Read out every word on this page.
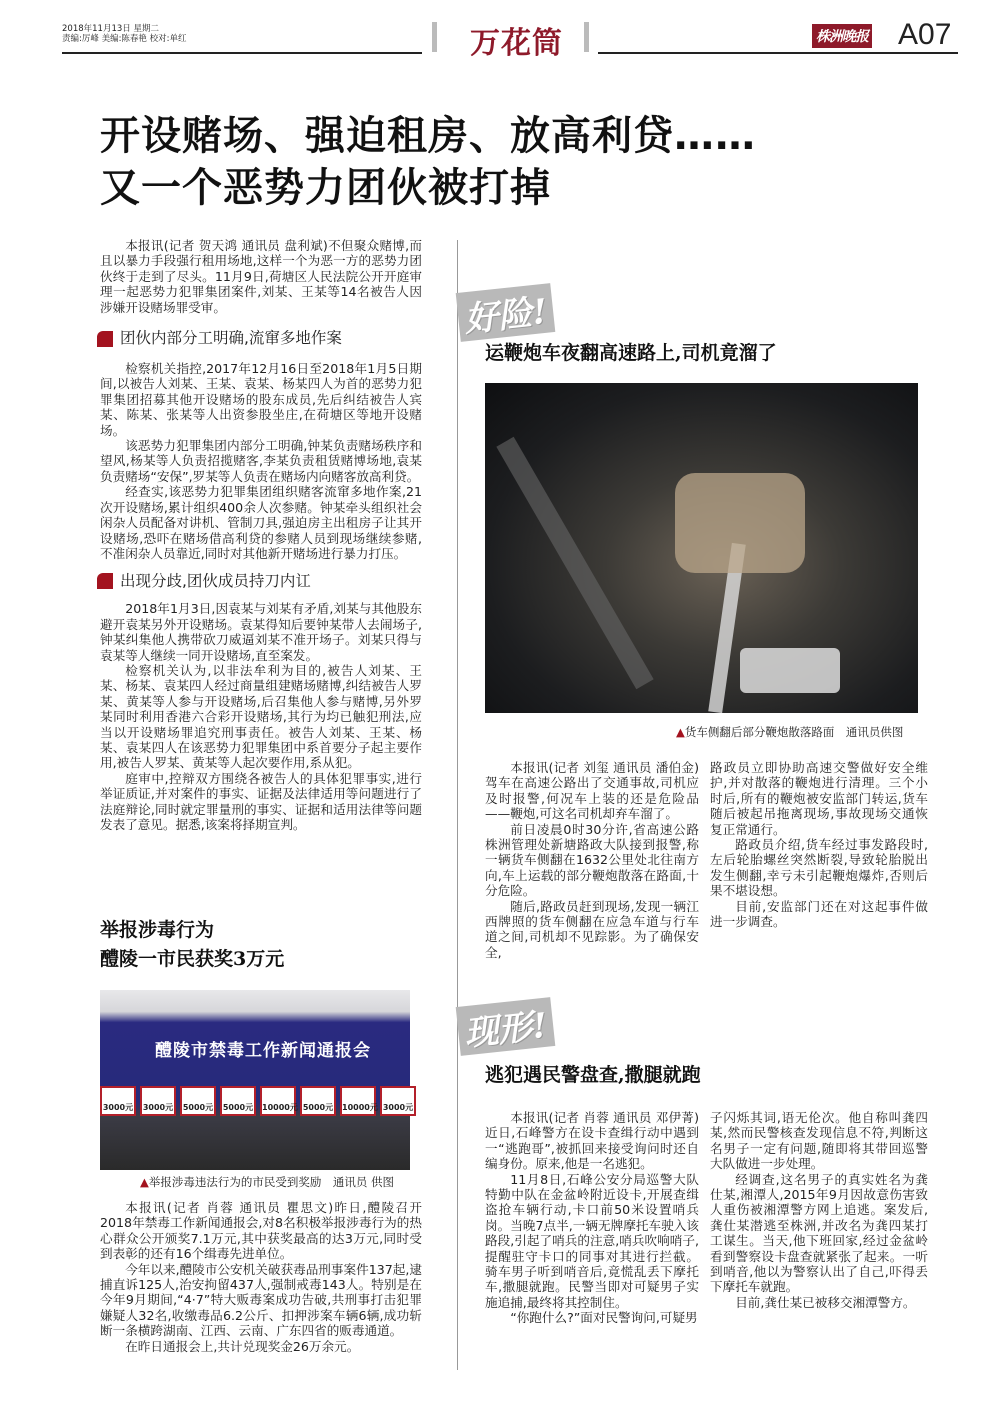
2018年11月13日 星期二
责编:厉峰 美编:陈春艳 校对:单红	万花筒	株洲晚报 A07
开设赌场、强迫租房、放高利贷……
又一个恶势力团伙被打掉

本报讯(记者 贺天鸿 通讯员 盘利斌)不但聚众赌博,而且以暴力手段强行租用场地,这样一个为恶一方的恶势力团伙终于走到了尽头。11月9日,荷塘区人民法院公开开庭审理一起恶势力犯罪集团案件,刘某、王某等14名被告人因涉嫌开设赌场罪受审。

团伙内部分工明确,流窜多地作案

检察机关指控,2017年12月16日至2018年1月5日期间,以被告人刘某、王某、袁某、杨某四人为首的恶势力犯罪集团招募其他开设赌场的股东成员,先后纠结被告人宾某、陈某、张某等人出资参股坐庄,在荷塘区等地开设赌场。

该恶势力犯罪集团内部分工明确,钟某负责赌场秩序和望风,杨某等人负责招揽赌客,李某负责租赁赌博场地,袁某负责赌场“安保”,罗某等人负责在赌场内向赌客放高利贷。

经查实,该恶势力犯罪集团组织赌客流窜多地作案,21次开设赌场,累计组织400余人次参赌。钟某牵头组织社会闲杂人员配备对讲机、管制刀具,强迫房主出租房子让其开设赌场,恐吓在赌场借高利贷的参赌人员到现场继续参赌,不准闲杂人员靠近,同时对其他新开赌场进行暴力打压。

出现分歧,团伙成员持刀内讧

2018年1月3日,因袁某与刘某有矛盾,刘某与其他股东避开袁某另外开设赌场。袁某得知后要钟某带人去闹场子,钟某纠集他人携带砍刀威逼刘某不准开场子。刘某只得与袁某等人继续一同开设赌场,直至案发。

检察机关认为,以非法牟利为目的,被告人刘某、王某、杨某、袁某四人经过商量组建赌场赌博,纠结被告人罗某、黄某等人参与开设赌场,后召集他人参与赌博,另外罗某同时利用香港六合彩开设赌场,其行为均已触犯刑法,应当以开设赌场罪追究刑事责任。被告人刘某、王某、杨某、袁某四人在该恶势力犯罪集团中系首要分子起主要作用,被告人罗某、黄某等人起次要作用,系从犯。

庭审中,控辩双方围绕各被告人的具体犯罪事实,进行举证质证,并对案件的事实、证据及法律适用等问题进行了法庭辩论,同时就定罪量刑的事实、证据和适用法律等问题发表了意见。据悉,该案将择期宣判。

举报涉毒行为
醴陵一市民获奖3万元
醴陵市禁毒工作新闻通报会
3000元	3000元	5000元	5000元	10000元 5000元	10000元 3000元
▲举报涉毒违法行为的市民受到奖励　通讯员 供图

本报讯(记者 肖蓉 通讯员 瞿思文)昨日,醴陵召开2018年禁毒工作新闻通报会,对8名积极举报涉毒行为的热心群众公开颁奖7.1万元,其中获奖最高的达3万元,同时受到表彰的还有16个缉毒先进单位。

今年以来,醴陵市公安机关破获毒品刑事案件137起,逮捕直诉125人,治安拘留437人,强制戒毒143人。特别是在今年9月期间,“4·7”特大贩毒案成功告破,共刑事打击犯罪嫌疑人32名,收缴毒品6.2公斤、扣押涉案车辆6辆,成功斩断一条横跨湖南、江西、云南、广东四省的贩毒通道。

在昨日通报会上,共计兑现奖金26万余元。

好险!
运鞭炮车夜翻高速路上,司机竟溜了
▲货车侧翻后部分鞭炮散落路面　通讯员供图

本报讯(记者 刘玺 通讯员 潘伯金)驾车在高速公路出了交通事故,司机应及时报警,何况车上装的还是危险品——鞭炮,可这名司机却弃车溜了。

前日凌晨0时30分许,省高速公路株洲管理处新塘路政大队接到报警,称一辆货车侧翻在1632公里处北往南方向,车上运载的部分鞭炮散落在路面,十分危险。

随后,路政员赶到现场,发现一辆江西牌照的货车侧翻在应急车道与行车道之间,司机却不见踪影。为了确保安全,

路政员立即协助高速交警做好安全维护,并对散落的鞭炮进行清理。三个小时后,所有的鞭炮被安监部门转运,货车随后被起吊拖离现场,事故现场交通恢复正常通行。

路政员介绍,货车经过事发路段时,左后轮胎螺丝突然断裂,导致轮胎脱出发生侧翻,幸亏未引起鞭炮爆炸,否则后果不堪设想。

目前,安监部门还在对这起事件做进一步调查。

现形!
逃犯遇民警盘查,撒腿就跑

本报讯(记者 肖蓉 通讯员 邓伊菁)近日,石峰警方在设卡查缉行动中遇到一“逃跑哥”,被抓回来接受询问时还自编身份。原来,他是一名逃犯。

11月8日,石峰公安分局巡警大队特勤中队在金盆岭附近设卡,开展查缉盗抢车辆行动,卡口前50米设置哨兵岗。当晚7点半,一辆无牌摩托车驶入该路段,引起了哨兵的注意,哨兵吹响哨子,提醒驻守卡口的同事对其进行拦截。骑车男子听到哨音后,竟慌乱丢下摩托车,撒腿就跑。民警当即对可疑男子实施追捕,最终将其控制住。

“你跑什么?”面对民警询问,可疑男

子闪烁其词,语无伦次。他自称叫龚四某,然而民警核查发现信息不符,判断这名男子一定有问题,随即将其带回巡警大队做进一步处理。

经调查,这名男子的真实姓名为龚仕某,湘潭人,2015年9月因故意伤害致人重伤被湘潭警方网上追逃。案发后,龚仕某潜逃至株洲,并改名为龚四某打工谋生。当天,他下班回家,经过金盆岭看到警察设卡盘查就紧张了起来。一听到哨音,他以为警察认出了自己,吓得丢下摩托车就跑。

目前,龚仕某已被移交湘潭警方。
